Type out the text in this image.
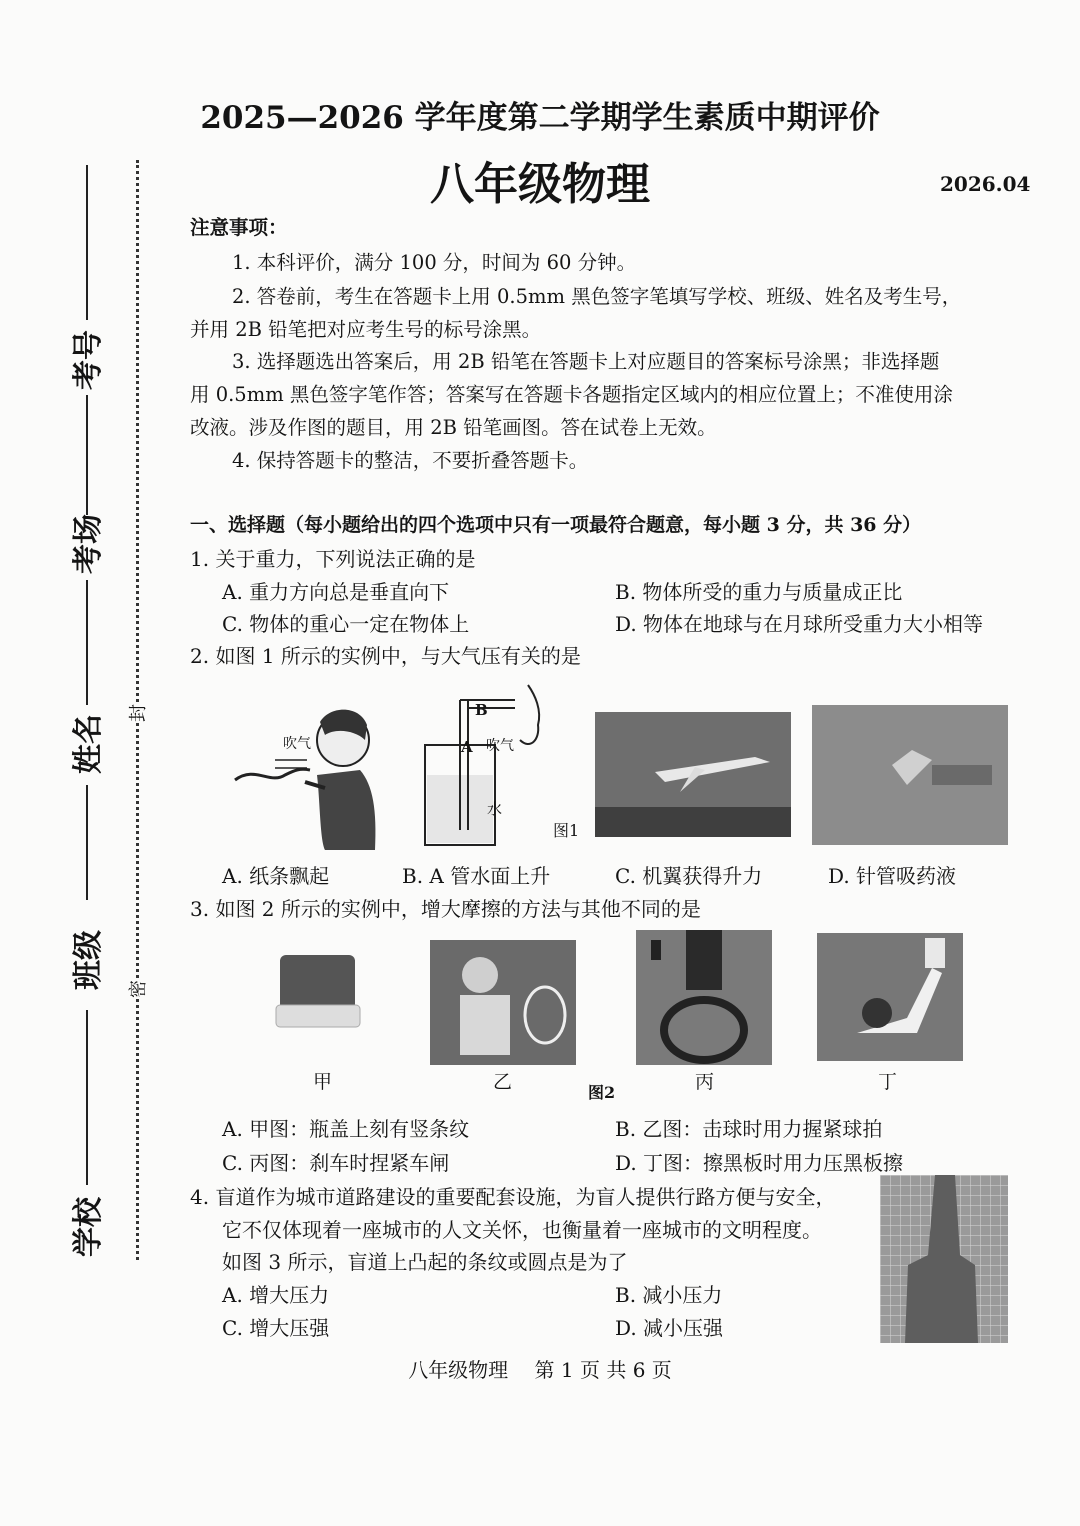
考号
考场
姓名
班级
学校
封
密
2025—2026 学年度第二学期学生素质中期评价
八年级物理	2026.04
注意事项：
1. 本科评价，满分 100 分，时间为 60 分钟。
2. 答卷前，考生在答题卡上用 0.5mm 黑色签字笔填写学校、班级、姓名及考生号，
并用 2B 铅笔把对应考生号的标号涂黑。
3. 选择题选出答案后，用 2B 铅笔在答题卡上对应题目的答案标号涂黑；非选择题
用 0.5mm 黑色签字笔作答；答案写在答题卡各题指定区域内的相应位置上；不准使用涂
改液。涉及作图的题目，用 2B 铅笔画图。答在试卷上无效。
4. 保持答题卡的整洁，不要折叠答题卡。
一、选择题（每小题给出的四个选项中只有一项最符合题意，每小题 3 分，共 36 分）
1. 关于重力，下列说法正确的是
A. 重力方向总是垂直向下	B. 物体所受的重力与质量成正比
C. 物体的重心一定在物体上	D. 物体在地球与在月球所受重力大小相等
2. 如图 1 所示的实例中，与大气压有关的是
吹气
B
A 吹气
水
图1
A. 纸条飘起	B. A 管水面上升	C. 机翼获得升力	D. 针管吸药液
3. 如图 2 所示的实例中，增大摩擦的方法与其他不同的是
甲	乙	丙	丁
图2
A. 甲图：瓶盖上刻有竖条纹	B. 乙图：击球时用力握紧球拍
C. 丙图：刹车时捏紧车闸	D. 丁图：擦黑板时用力压黑板擦
4. 盲道作为城市道路建设的重要配套设施，为盲人提供行路方便与安全，
它不仅体现着一座城市的人文关怀，也衡量着一座城市的文明程度。
如图 3 所示，盲道上凸起的条纹或圆点是为了
A. 增大压力	B. 减小压力
C. 增大压强	D. 减小压强
八年级物理 第 1 页 共 6 页
